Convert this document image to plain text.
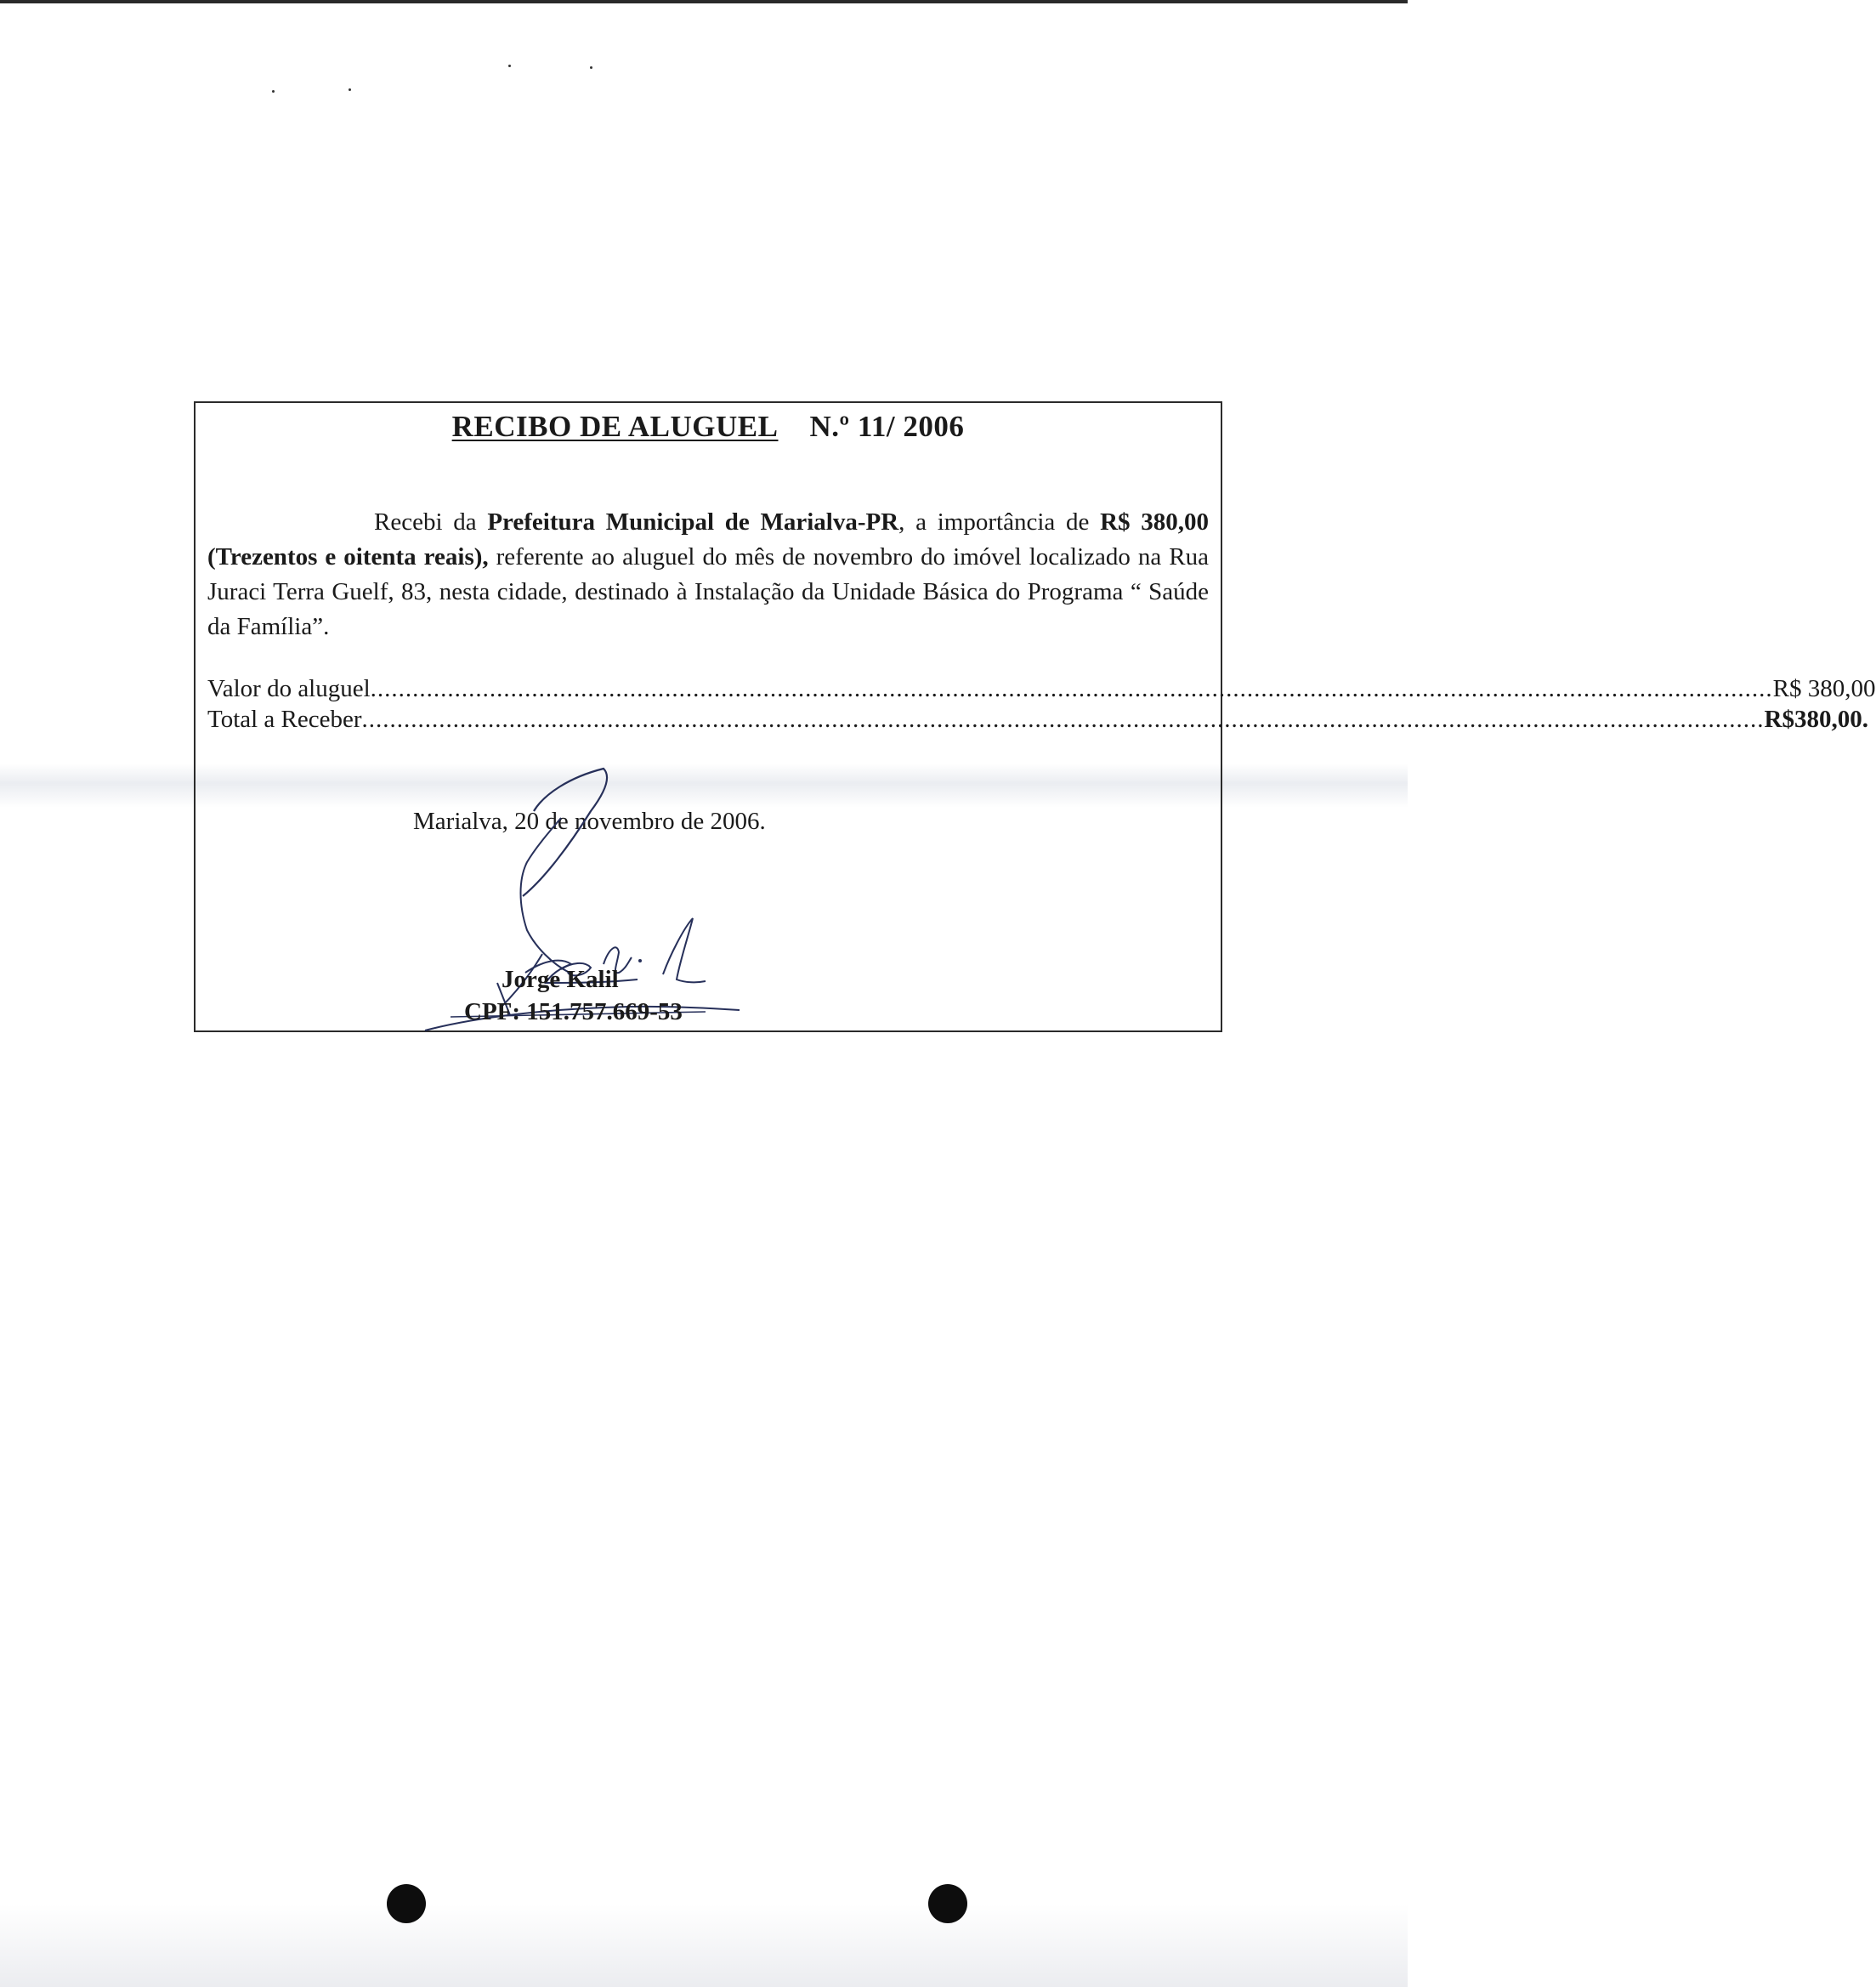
RECIBO DE ALUGUEL N.º 11/ 2006
Recebi da Prefeitura Municipal de Marialva-PR, a importância de R$ 380,00 (Trezentos e oitenta reais), referente ao aluguel do mês de novembro do imóvel localizado na Rua Juraci Terra Guelf, 83, nesta cidade, destinado à Instalação da Unidade Básica do Programa “ Saúde da Família”.
Valor do aluguel ........................................................................................................................................................................................................ R$ 380,00
Total a Receber ........................................................................................................................................................................................................ R$380,00.
Marialva, 20 de novembro de 2006.
Jorge Kalil
CPF: 151.757.669-53
